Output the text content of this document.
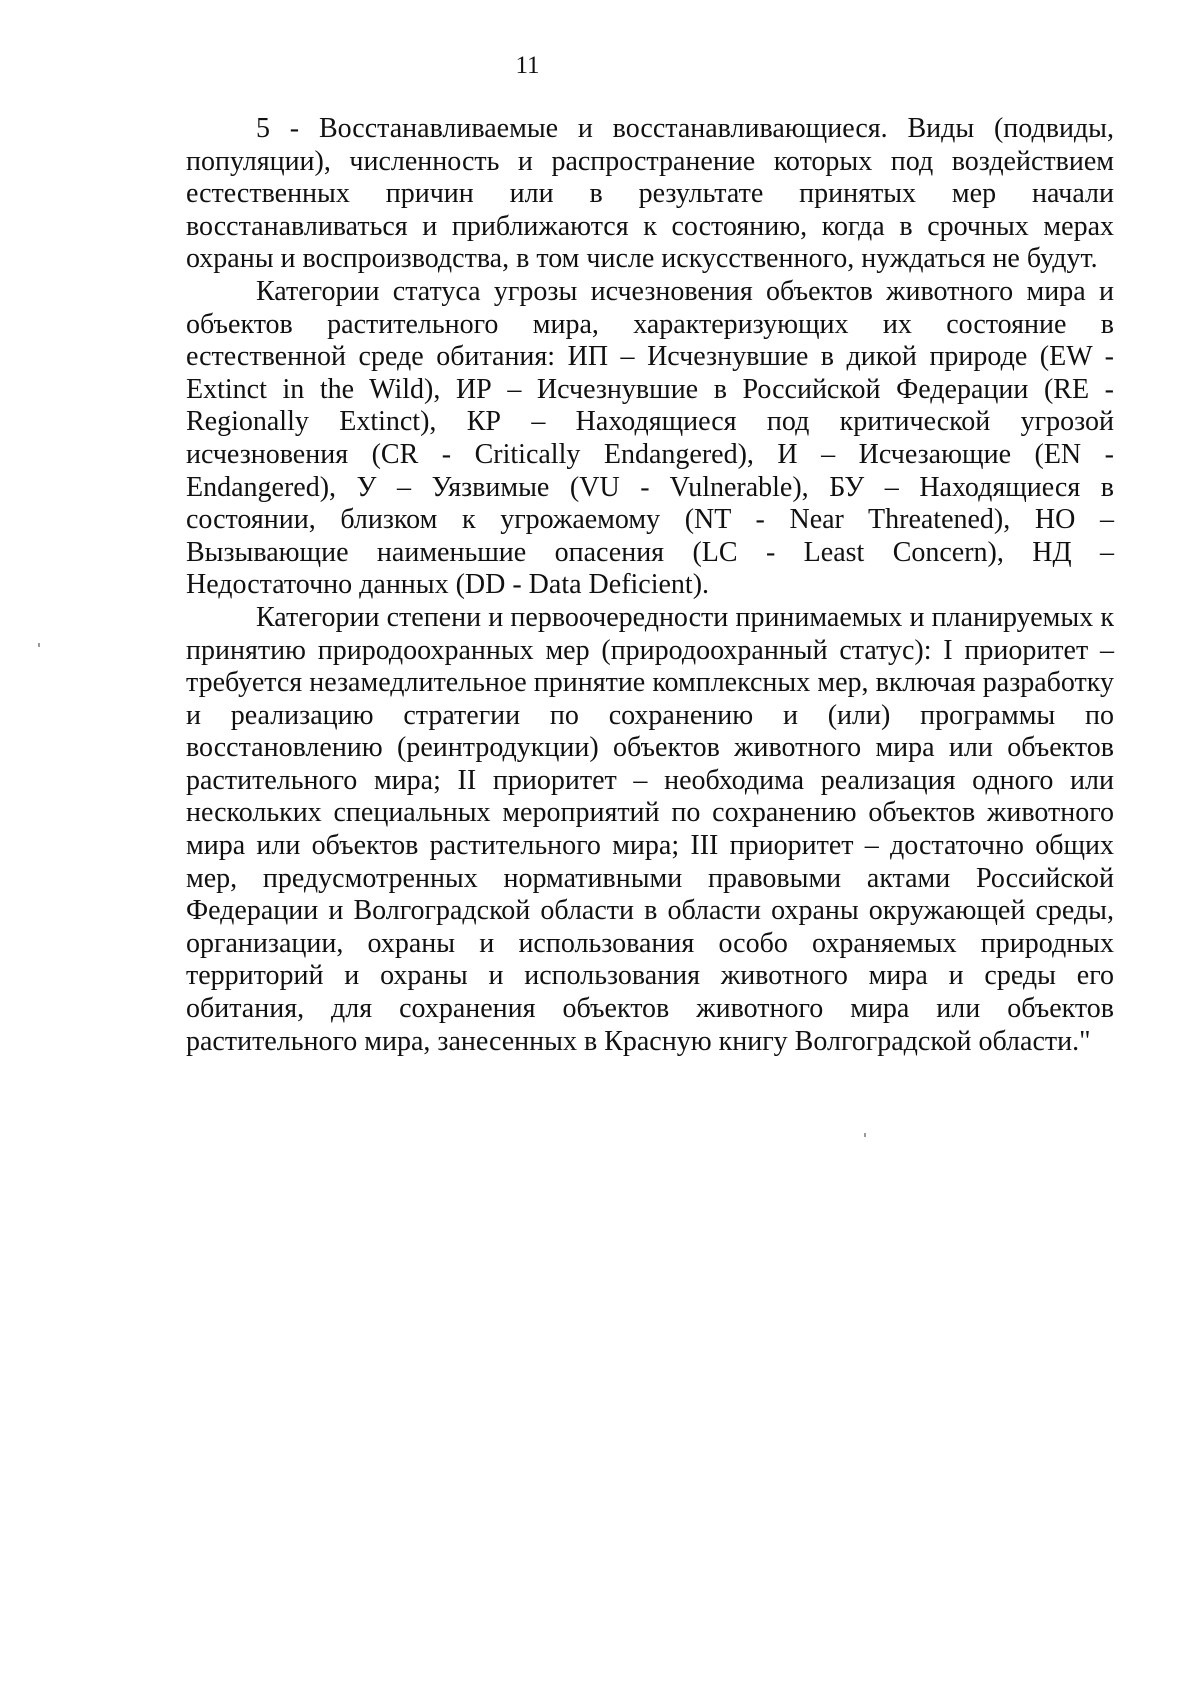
11

5 - Восстанавливаемые и восстанавливающиеся. Виды (подвиды, популяции), численность и распространение которых под воздействием естественных причин или в результате принятых мер начали восстанавливаться и приближаются к состоянию, когда в срочных мерах охраны и воспроизводства, в том числе искусственного, нуждаться не будут.

Категории статуса угрозы исчезновения объектов животного мира и объектов растительного мира, характеризующих их состояние в естественной среде обитания: ИП – Исчезнувшие в дикой природе (EW - Extinct in the Wild), ИР – Исчезнувшие в Российской Федерации (RE - Regionally Extinct), КР – Находящиеся под критической угрозой исчезновения (CR - Critically Endangered), И – Исчезающие (EN - Endangered), У – Уязвимые (VU - Vulnerable), БУ – Находящиеся в состоянии, близком к угрожаемому (NT - Near Threatened), НО – Вызывающие наименьшие опасения (LC - Least Concern), НД – Недостаточно данных (DD - Data Deficient).

Категории степени и первоочередности принимаемых и планируемых к принятию природоохранных мер (природоохранный статус): I приоритет – требуется незамедлительное принятие комплексных мер, включая разработку и реализацию стратегии по сохранению и (или) программы по восстановлению (реинтродукции) объектов животного мира или объектов растительного мира; II приоритет – необходима реализация одного или нескольких специальных мероприятий по сохранению объектов животного мира или объектов растительного мира; III приоритет – достаточно общих мер, предусмотренных нормативными правовыми актами Российской Федерации и Волгоградской области в области охраны окружающей среды, организации, охраны и использования особо охраняемых природных территорий и охраны и использования животного мира и среды его обитания, для сохранения объектов животного мира или объектов растительного мира, занесенных в Красную книгу Волгоградской области."
